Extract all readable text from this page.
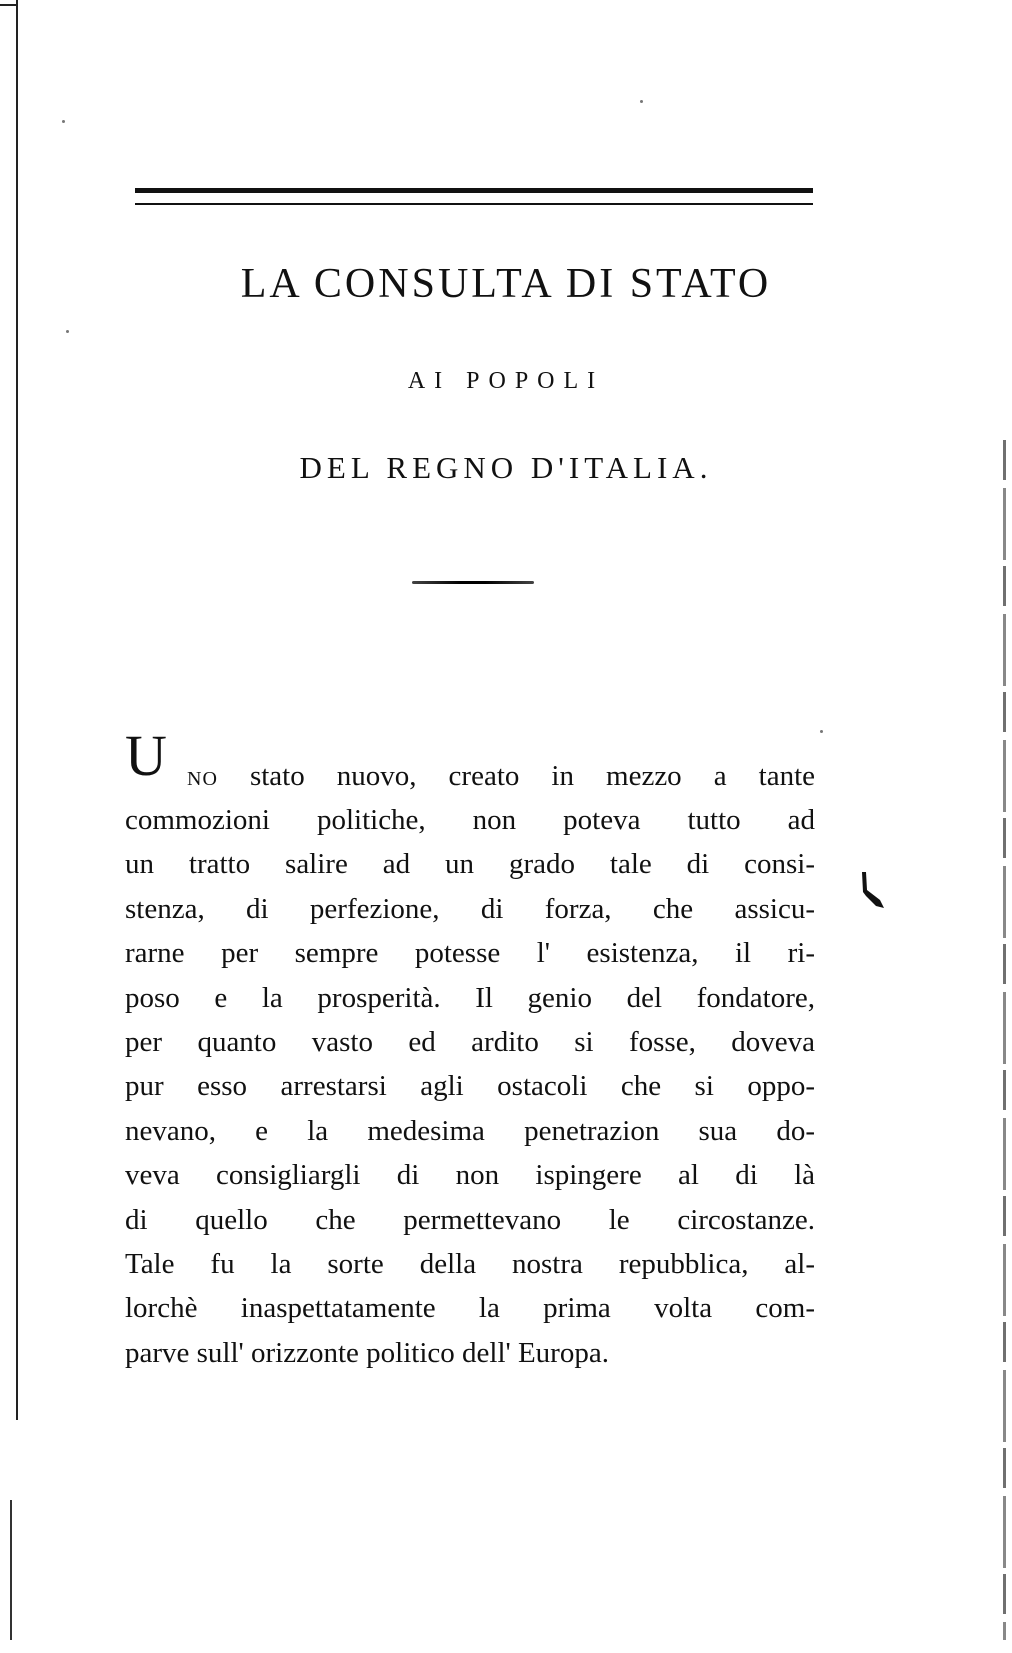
LA CONSULTA DI STATO
AI POPOLI
DEL REGNO D'ITALIA.
U NO stato nuovo, creato in mezzo a tante
commozioni politiche, non poteva tutto ad
un tratto salire ad un grado tale di consi-
stenza, di perfezione, di forza, che assicu-
rarne per sempre potesse l' esistenza, il ri-
poso e la prosperità. Il genio del fondatore,
per quanto vasto ed ardito si fosse, doveva
pur esso arrestarsi agli ostacoli che si oppo-
nevano, e la medesima penetrazion sua do-
veva consigliargli di non ispingere al di là
di quello che permettevano le circostanze.
Tale fu la sorte della nostra repubblica, al-
lorchè inaspettatamente la prima volta com-
parve sull' orizzonte politico dell' Europa.
